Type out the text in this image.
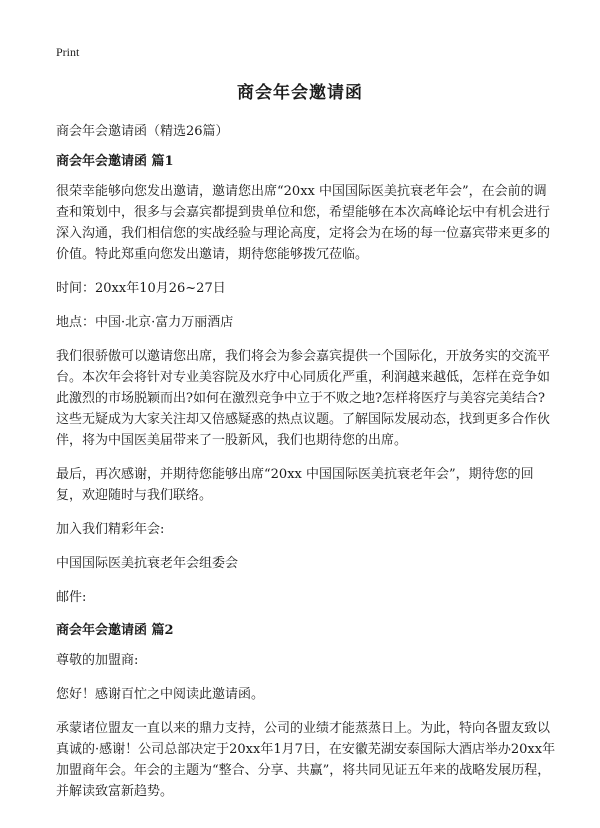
Print
商会年会邀请函

商会年会邀请函（精选26篇）

商会年会邀请函 篇1

很荣幸能够向您发出邀请，邀请您出席“20xx 中国国际医美抗衰老年会”，在会前的调查和策划中，很多与会嘉宾都提到贵单位和您，希望能够在本次高峰论坛中有机会进行深入沟通，我们相信您的实战经验与理论高度，定将会为在场的每一位嘉宾带来更多的价值。特此郑重向您发出邀请，期待您能够拨冗莅临。

时间：20xx年10月26~27日

地点：中国·北京·富力万丽酒店

我们很骄傲可以邀请您出席，我们将会为参会嘉宾提供一个国际化，开放务实的交流平台。本次年会将针对专业美容院及水疗中心同质化严重，利润越来越低，怎样在竞争如此激烈的市场脱颖而出?如何在激烈竞争中立于不败之地?怎样将医疗与美容完美结合?这些无疑成为大家关注却又倍感疑惑的热点议题。了解国际发展动态，找到更多合作伙伴，将为中国医美届带来了一股新风，我们也期待您的出席。

最后，再次感谢，并期待您能够出席“20xx 中国国际医美抗衰老年会”，期待您的回复，欢迎随时与我们联络。

加入我们精彩年会:

中国国际医美抗衰老年会组委会

邮件:

商会年会邀请函 篇2

尊敬的加盟商:

您好！感谢百忙之中阅读此邀请函。

承蒙诸位盟友一直以来的鼎力支持，公司的业绩才能蒸蒸日上。为此，特向各盟友致以真诚的·感谢！公司总部决定于20xx年1月7日，在安徽芜湖安泰国际大酒店举办20xx年加盟商年会。年会的主题为“整合、分享、共赢”，将共同见证五年来的战略发展历程，并解读致富新趋势。
